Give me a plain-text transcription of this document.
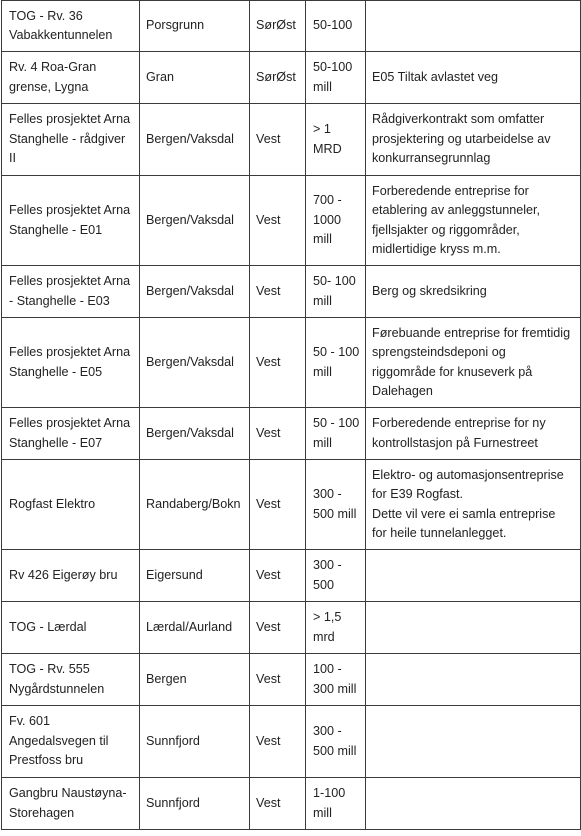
TOG - Rv. 36 Vabakkentunnelen	Porsgrunn	SørØst	50-100	
Rv. 4 Roa-Gran grense, Lygna	Gran	SørØst	50-100 mill	E05 Tiltak avlastet veg
Felles prosjektet Arna Stanghelle - rådgiver II	Bergen/Vaksdal	Vest	> 1 MRD	Rådgiverkontrakt som omfatter prosjektering og utarbeidelse av konkurransegrunnlag
Felles prosjektet Arna Stanghelle - E01	Bergen/Vaksdal	Vest	700 - 1000 mill	Forberedende entreprise for etablering av anleggstunneler, fjellsjakter og riggområder, midlertidige kryss m.m.
Felles prosjektet Arna - Stanghelle - E03	Bergen/Vaksdal	Vest	50- 100 mill	Berg og skredsikring
Felles prosjektet Arna Stanghelle - E05	Bergen/Vaksdal	Vest	50 - 100 mill	Førebuande entreprise for fremtidig sprengsteindsdeponi og riggområde for knuseverk på Dalehagen
Felles prosjektet Arna Stanghelle - E07	Bergen/Vaksdal	Vest	50 - 100 mill	Forberedende entreprise for ny kontrollstasjon på Furnestreet
Rogfast Elektro	Randaberg/Bokn	Vest	300 - 500 mill	Elektro- og automasjonsentreprise for E39 Rogfast.
Dette vil vere ei samla entreprise for heile tunnelanlegget.
Rv 426 Eigerøy bru	Eigersund	Vest	300 - 500	
TOG - Lærdal	Lærdal/Aurland	Vest	> 1,5 mrd	
TOG - Rv. 555 Nygårdstunnelen	Bergen	Vest	100 - 300 mill	
Fv. 601 Angedalsvegen til Prestfoss bru	Sunnfjord	Vest	300 - 500 mill	
Gangbru Naustøyna-Storehagen	Sunnfjord	Vest	1-100 mill	
